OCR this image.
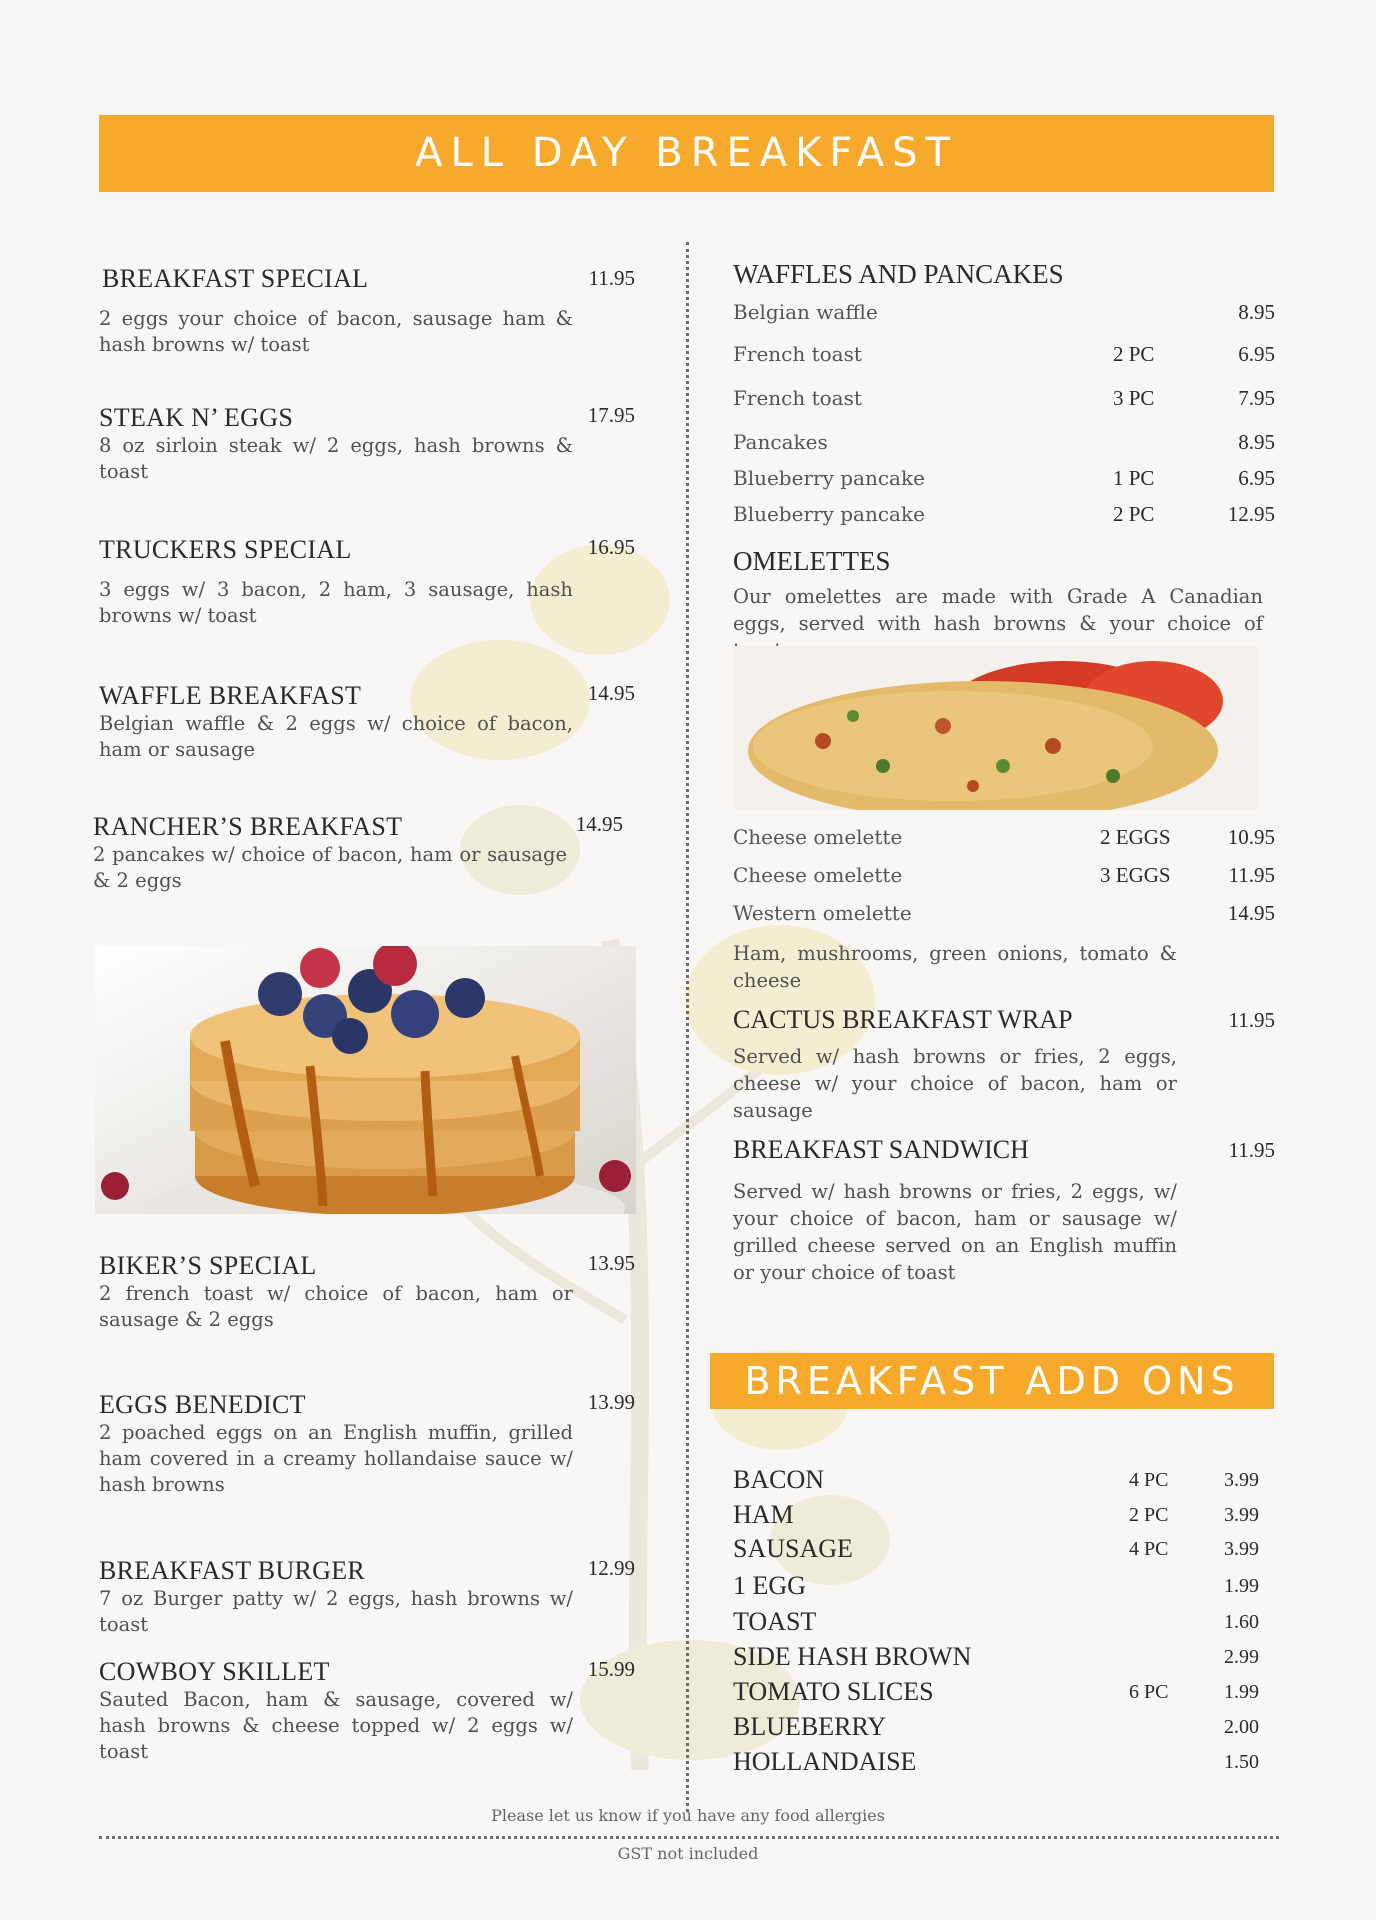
ALL DAY BREAKFAST
BREAKFAST SPECIAL	11.95
2 eggs your choice of bacon, sausage ham & hash browns w/ toast
STEAK N’ EGGS	17.95
8 oz sirloin steak w/ 2 eggs, hash browns & toast
TRUCKERS SPECIAL	16.95
3 eggs w/ 3 bacon, 2 ham, 3 sausage, hash browns w/ toast
WAFFLE BREAKFAST	14.95
Belgian waffle & 2 eggs w/ choice of bacon, ham or sausage
RANCHER’S BREAKFAST	14.95
2 pancakes w/ choice of bacon, ham or sausage & 2 eggs
BIKER’S SPECIAL	13.95
2 french toast w/ choice of bacon, ham or sausage & 2 eggs
EGGS BENEDICT	13.99
2 poached eggs on an English muffin, grilled ham covered in a creamy hollandaise sauce w/ hash browns
BREAKFAST BURGER	12.99
7 oz Burger patty w/ 2 eggs, hash browns w/ toast
COWBOY SKILLET	15.99
Sauted Bacon, ham & sausage, covered w/ hash browns & cheese topped w/ 2 eggs w/ toast
WAFFLES AND PANCAKES
Belgian waffle	8.95
French toast	2 PC	6.95
French toast	3 PC	7.95
Pancakes	8.95
Blueberry pancake	1 PC	6.95
Blueberry pancake	2 PC	12.95
OMELETTES
Our omelettes are made with Grade A Canadian eggs, served with hash browns & your choice of
Cheese omelette	2 EGGS	10.95
Cheese omelette	3 EGGS	11.95
Western omelette	14.95
Ham, mushrooms, green onions, tomato & cheese
CACTUS BREAKFAST WRAP	11.95
Served w/ hash browns or fries, 2 eggs, cheese w/ your choice of bacon, ham or sausage
BREAKFAST SANDWICH	11.95
Served w/ hash browns or fries, 2 eggs, w/ your choice of bacon, ham or sausage w/ grilled cheese served on an English muffin or your choice of toast
BREAKFAST ADD ONS
BACON	4 PC	3.99
HAM	2 PC	3.99
SAUSAGE	4 PC	3.99
1 EGG	1.99
TOAST	1.60
SIDE HASH BROWN	2.99
TOMATO SLICES	6 PC	1.99
BLUEBERRY	2.00
HOLLANDAISE	1.50
Please let us know if you have any food allergies
GST not included
